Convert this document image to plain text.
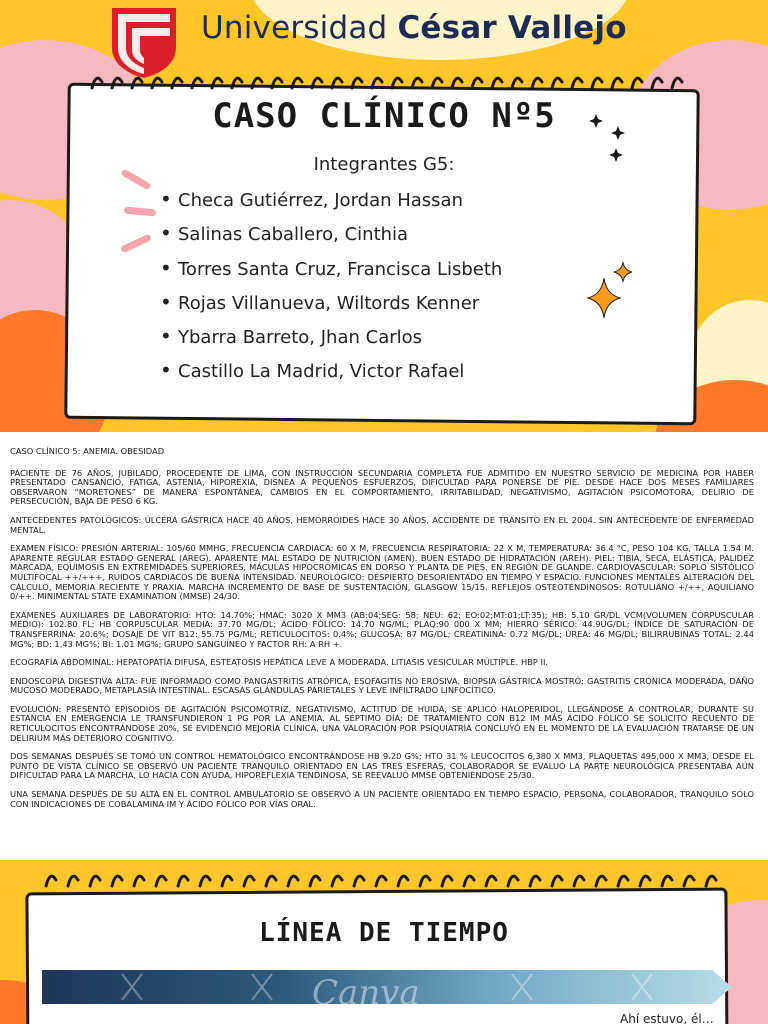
Universidad César Vallejo
CASO CLÍNICO Nº5
Integrantes G5:
• Checa Gutiérrez, Jordan Hassan
• Salinas Caballero, Cinthia
• Torres Santa Cruz, Francisca Lisbeth
• Rojas Villanueva, Wiltords Kenner
• Ybarra Barreto, Jhan Carlos
• Castillo La Madrid, Victor Rafael

CASO CLÍNICO 5: ANEMIA. OBESIDAD

PACIENTE DE 76 AÑOS, JUBILADO, PROCEDENTE DE LIMA, CON INSTRUCCIÓN SECUNDARIA COMPLETA FUE ADMITIDO EN NUESTRO SERVICIO DE MEDICINA POR HABER PRESENTADO CANSANCIO, FATIGA, ASTENIA, HIPOREXIA, DISNEA A PEQUEÑOS ESFUERZOS, DIFICULTAD PARA PONERSE DE PIE. DESDE HACE DOS MESES FAMILIARES OBSERVARON “MORETONES” DE MANERA ESPONTÁNEA, CAMBIOS EN EL COMPORTAMIENTO, IRRITABILIDAD, NEGATIVISMO, AGITACIÓN PSICOMOTORA, DELIRIO DE PERSECUCIÓN, BAJA DE PESO 6 KG.

ANTECEDENTES PATOLÓGICOS: ÚLCERA GÁSTRICA HACE 40 AÑOS, HEMORROIDES HACE 30 AÑOS, ACCIDENTE DE TRÁNSITO EN EL 2004. SIN ANTECEDENTE DE ENFERMEDAD MENTAL.

EXAMEN FÍSICO: PRESIÓN ARTERIAL: 105/60 MMHG, FRECUENCIA CARDIACA: 60 X M, FRECUENCIA RESPIRATORIA: 22 X M, TEMPERATURA: 36.4 °C, PESO 104 KG, TALLA 1.54 M. APARENTE REGULAR ESTADO GENERAL (AREG). APARENTE MAL ESTADO DE NUTRICIÓN (AMEN). BUEN ESTADO DE HIDRATACIÓN (AREH). PIEL: TIBIA, SECA, ELÁSTICA, PALIDEZ MARCADA, EQUIMOSIS EN EXTREMIDADES SUPERIORES, MÁCULAS HIPOCRÓMICAS EN DORSO Y PLANTA DE PIES, EN REGIÓN DE GLANDE. CARDIOVASCULAR: SOPLO SISTÓLICO MULTIFOCAL ++/+++, RUIDOS CARDIACOS DE BUENA INTENSIDAD. NEUROLÓGICO: DESPIERTO DESORIENTADO EN TIEMPO Y ESPACIO. FUNCIONES MENTALES ALTERACIÓN DEL CÁLCULO, MEMORIA RECIENTE Y PRAXIA. MARCHA INCREMENTO DE BASE DE SUSTENTACIÓN, GLASGOW 15/15. REFLEJOS OSTEOTENDINOSOS: ROTULIANO +/++, AQUILIANO 0/++. MINIMENTAL STATE EXAMINATION (MMSE) 24/30.

EXÁMENES AUXILIARES DE LABORATORIO: HTO: 14.70%; HMAC: 3020 X MM3 (AB:04;SEG: 58; NEU: 62; EO:02;MT:01;LT:35); HB: 5.10 GR/DL VCM(VOLUMEN CORPUSCULAR MEDIO): 102.80 FL; HB CORPUSCULAR MEDIA: 37.70 MG/DL; ÁCIDO FÓLICO: 14.70 NG/ML; PLAQ:90 000 X MM; HIERRO SÉRICO: 44.9UG/DL; ÍNDICE DE SATURACIÓN DE TRANSFERRINA: 20.6%; DOSAJE DE VIT B12: 55.75 PG/ML; RETICULOCITOS: 0.4%; GLUCOSA: 87 MG/DL; CREATININA: 0.72 MG/DL; ÚREA: 46 MG/DL; BILIRRUBINAS TOTAL: 2.44 MG%; BD: 1.43 MG%; BI: 1.01 MG%; GRUPO SANGUÍNEO Y FACTOR RH: A RH +.

ECOGRAFÍA ABDOMINAL: HEPATOPATÍA DIFUSA, ESTEATOSIS HEPÁTICA LEVE A MODERADA. LITIASIS VESICULAR MÚLTIPLE. HBP II.

ENDOSCOPIA DIGESTIVA ALTA: FUE INFORMADO COMO PANGASTRITIS ATRÓFICA, ESOFAGITIS NO EROSIVA. BIOPSIA GÁSTRICA MOSTRÓ: GASTRITIS CRÓNICA MODERADA, DAÑO MUCOSO MODERADO, METAPLASIA INTESTINAL. ESCASAS GLÁNDULAS PARIETALES Y LEVE INFILTRADO LINFOCÍTICO.

EVOLUCIÓN: PRESENTÓ EPISODIOS DE AGITACIÓN PSICOMOTRIZ, NEGATIVISMO, ACTITUD DE HUIDA, SE APLICÓ HALOPERIDOL, LLEGÁNDOSE A CONTROLAR, DURANTE SU ESTANCIA EN EMERGENCIA LE TRANSFUNDIERON 1 PG POR LA ANEMIA. AL SÉPTIMO DÍA: DE TRATAMIENTO CON B12 IM MÁS ÁCIDO FÓLICO SE SOLICITÓ RECUENTO DE RETICULOCITOS ENCONTRÁNDOSE 20%, SE EVIDENCIÓ MEJORÍA CLÍNICA, UNA VALORACIÓN POR PSIQUIATRÍA CONCLUYÓ EN EL MOMENTO DE LA EVALUACIÓN TRATARSE DE UN DELIRIUM MÁS DETERIORO COGNITIVO.

DOS SEMANAS DESPUÉS SE TOMÓ UN CONTROL HEMATOLÓGICO ENCONTRÁNDOSE HB 9.20 G%; HTO 31 % LEUCOCITOS 6,380 X MM3, PLAQUETAS 495,000 X MM3, DESDE EL PUNTO DE VISTA CLÍNICO SE OBSERVÓ UN PACIENTE TRANQUILO ORIENTADO EN LAS TRES ESFERAS, COLABORADOR SE EVALUÓ LA PARTE NEUROLÓGICA PRESENTABA AÚN DIFICULTAD PARA LA MARCHA, LO HACÍA CON AYUDA, HIPOREFLEXIA TENDINOSA, SE REEVALUÓ MMSE OBTENIÉNDOSE 25/30.

UNA SEMANA DESPUÉS DE SU ALTA EN EL CONTROL AMBULATORIO SE OBSERVÓ A UN PACIENTE ORIENTADO EN TIEMPO ESPACIO, PERSONA, COLABORADOR, TRANQUILO SÓLO CON INDICACIONES DE COBALAMINA IM Y ÁCIDO FÓLICO POR VÍAS ORAL.

LÍNEA DE TIEMPO
Canva
Ahí estuvo, él…
